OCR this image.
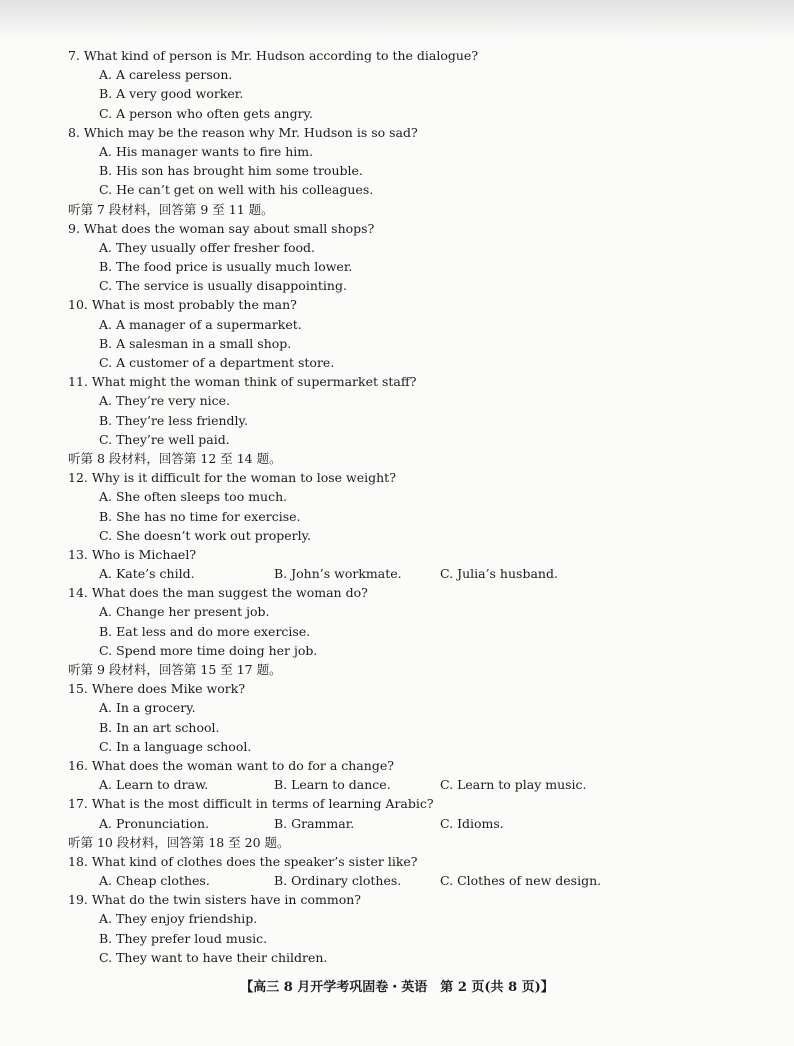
7. What kind of person is Mr. Hudson according to the dialogue?
A. A careless person.
B. A very good worker.
C. A person who often gets angry.
8. Which may be the reason why Mr. Hudson is so sad?
A. His manager wants to fire him.
B. His son has brought him some trouble.
C. He can’t get on well with his colleagues.
听第 7 段材料，回答第 9 至 11 题。
9. What does the woman say about small shops?
A. They usually offer fresher food.
B. The food price is usually much lower.
C. The service is usually disappointing.
10. What is most probably the man?
A. A manager of a supermarket.
B. A salesman in a small shop.
C. A customer of a department store.
11. What might the woman think of supermarket staff?
A. They’re very nice.
B. They’re less friendly.
C. They’re well paid.
听第 8 段材料，回答第 12 至 14 题。
12. Why is it difficult for the woman to lose weight?
A. She often sleeps too much.
B. She has no time for exercise.
C. She doesn’t work out properly.
13. Who is Michael?
A. Kate’s child.	B. John’s workmate.	C. Julia’s husband.
14. What does the man suggest the woman do?
A. Change her present job.
B. Eat less and do more exercise.
C. Spend more time doing her job.
听第 9 段材料，回答第 15 至 17 题。
15. Where does Mike work?
A. In a grocery.
B. In an art school.
C. In a language school.
16. What does the woman want to do for a change?
A. Learn to draw.	B. Learn to dance.	C. Learn to play music.
17. What is the most difficult in terms of learning Arabic?
A. Pronunciation.	B. Grammar.	C. Idioms.
听第 10 段材料，回答第 18 至 20 题。
18. What kind of clothes does the speaker’s sister like?
A. Cheap clothes.	B. Ordinary clothes.	C. Clothes of new design.
19. What do the twin sisters have in common?
A. They enjoy friendship.
B. They prefer loud music.
C. They want to have their children.
【高三 8 月开学考巩固卷・英语　第 2 页(共 8 页)】
